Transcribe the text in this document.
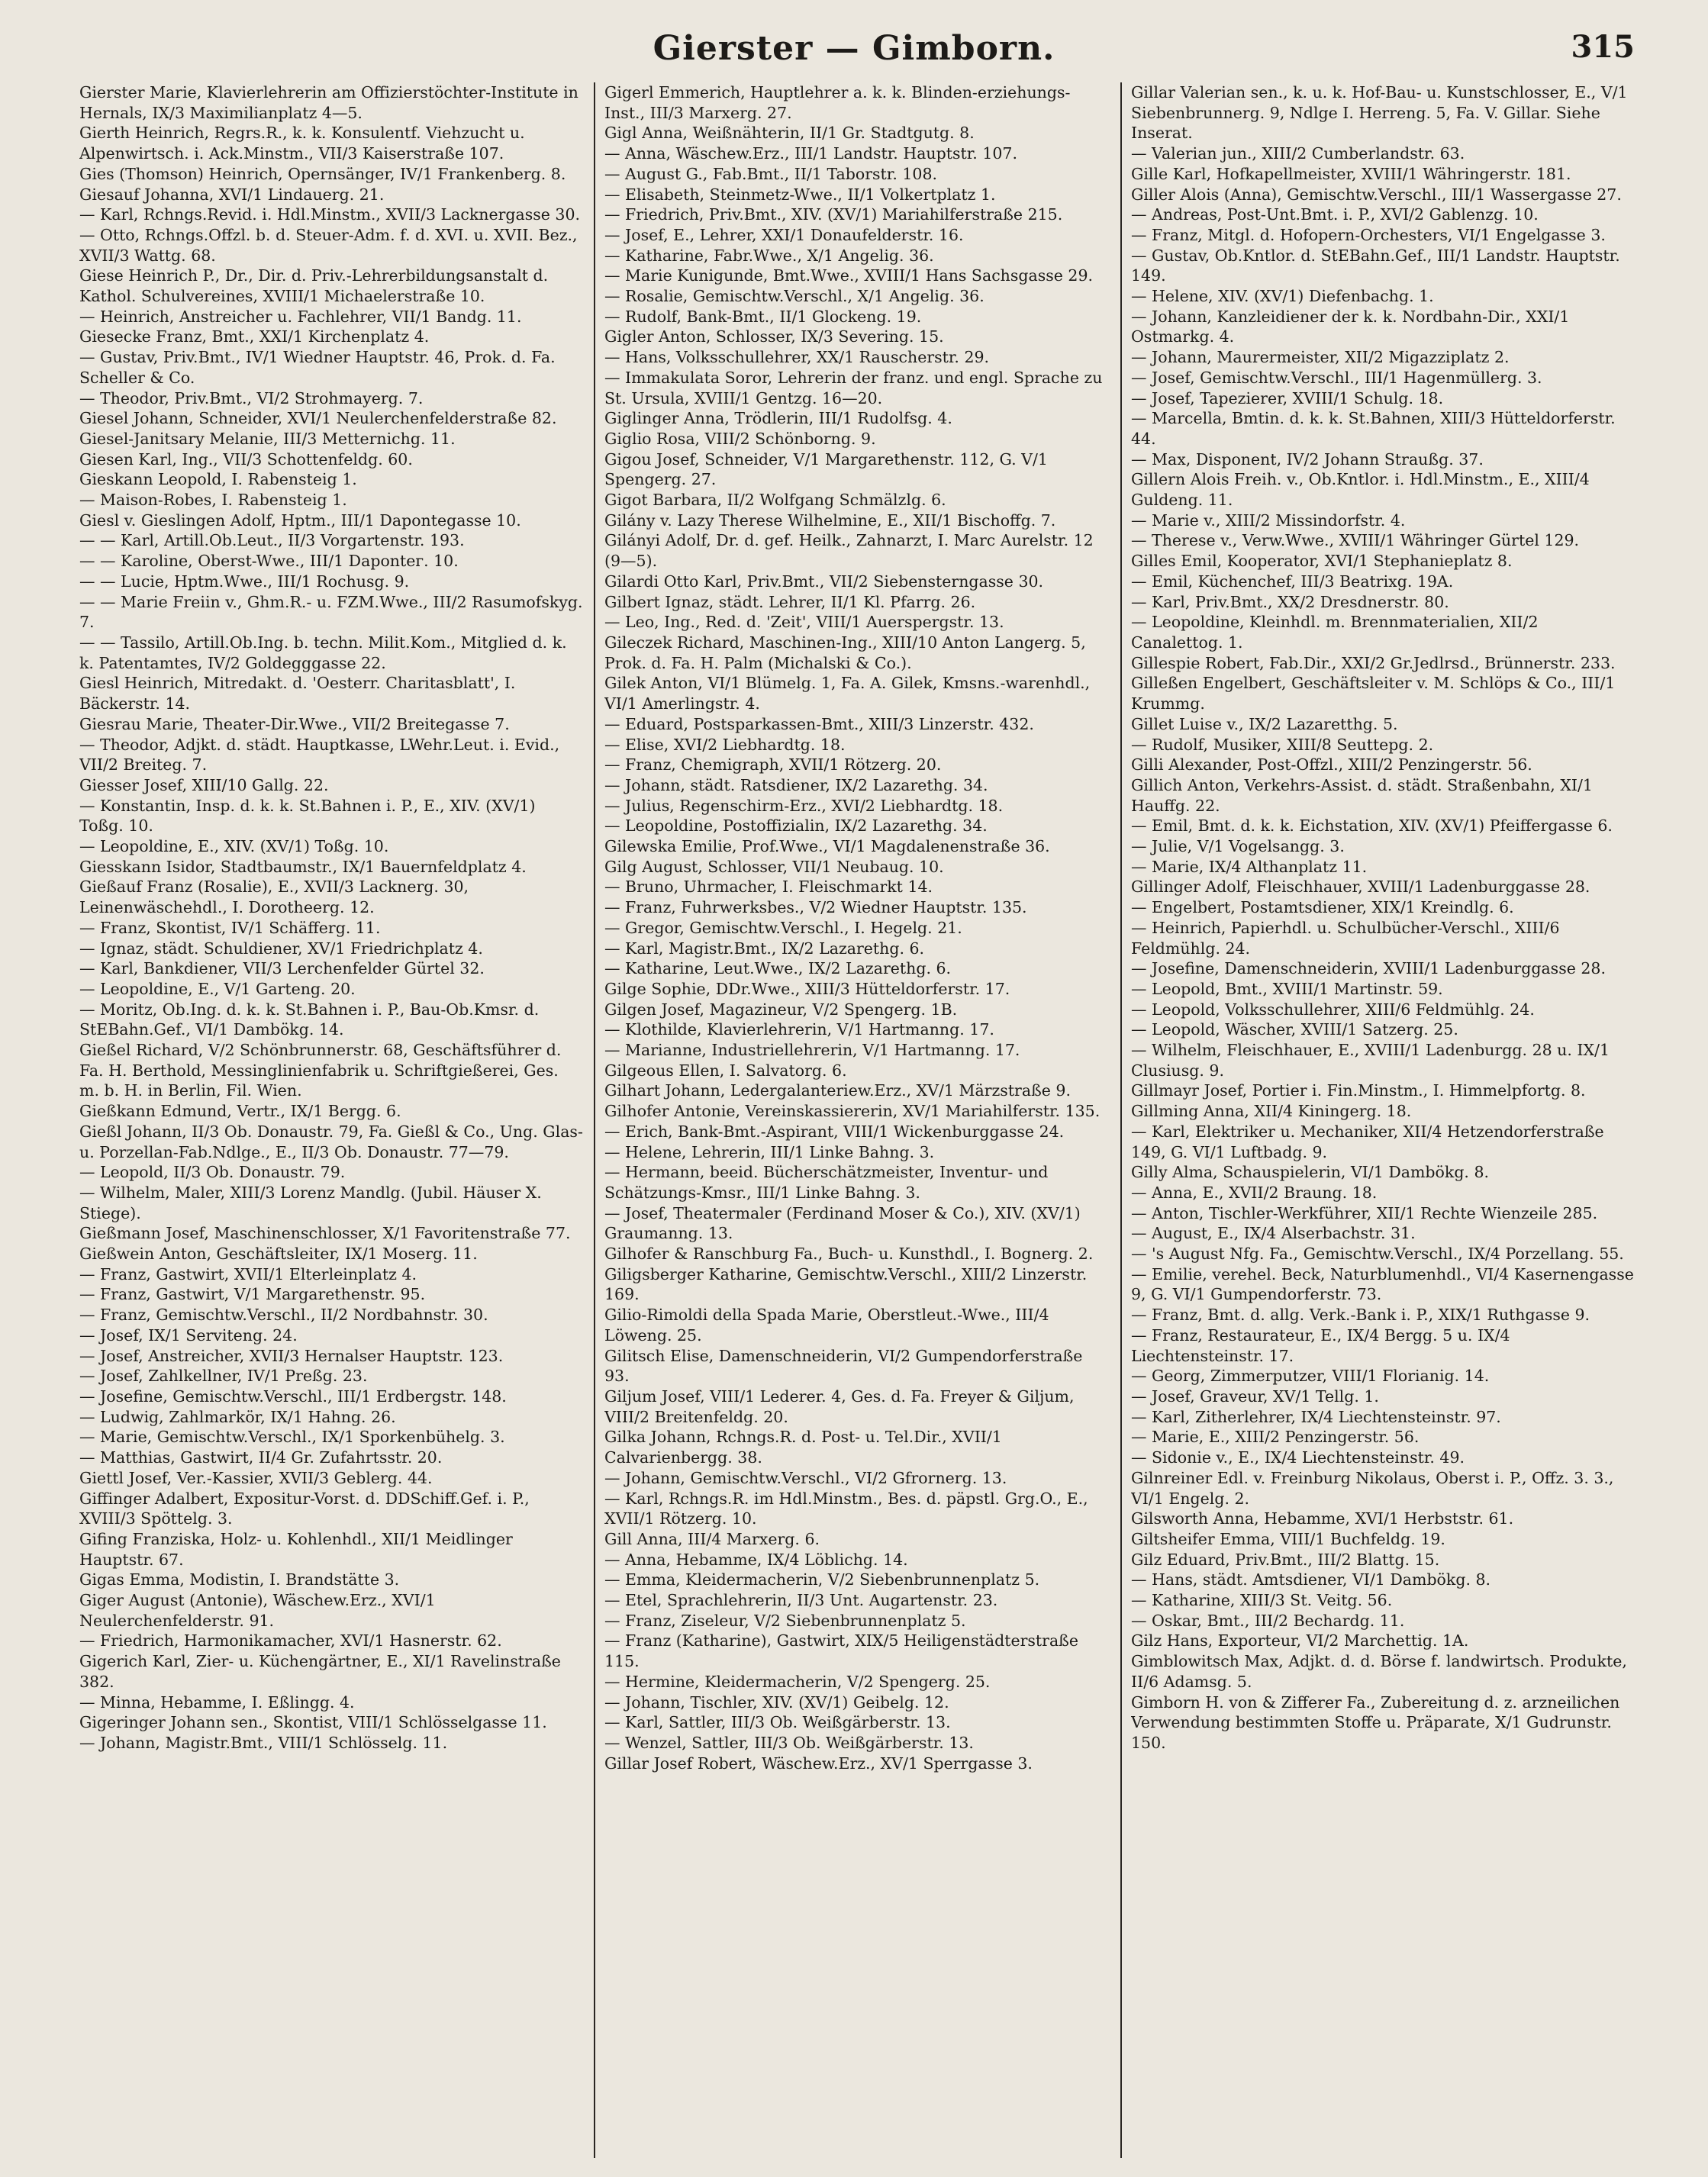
Gierster — Gimborn.	315
Gierster Marie, Klavierlehrerin am Offizierstöchter-Institute in Hernals, IX/3 Maximilianplatz 4—5.
Gierth Heinrich, Regrs.R., k. k. Konsulentf. Viehzucht u. Alpenwirtsch. i. Ack.Minstm., VII/3 Kaiserstraße 107.
Gies (Thomson) Heinrich, Opernsänger, IV/1 Frankenberg. 8.
Giesauf Johanna, XVI/1 Lindauerg. 21.
— Karl, Rchngs.Revid. i. Hdl.Minstm., XVII/3 Lacknergasse 30.
— Otto, Rchngs.Offzl. b. d. Steuer-Adm. f. d. XVI. u. XVII. Bez., XVII/3 Wattg. 68.
Giese Heinrich P., Dr., Dir. d. Priv.-Lehrerbildungsanstalt d. Kathol. Schulvereines, XVIII/1 Michaelerstraße 10.
— Heinrich, Anstreicher u. Fachlehrer, VII/1 Bandg. 11.
Giesecke Franz, Bmt., XXI/1 Kirchenplatz 4.
— Gustav, Priv.Bmt., IV/1 Wiedner Hauptstr. 46, Prok. d. Fa. Scheller & Co.
— Theodor, Priv.Bmt., VI/2 Strohmayerg. 7.
Giesel Johann, Schneider, XVI/1 Neulerchenfelderstraße 82.
Giesel-Janitsary Melanie, III/3 Metternichg. 11.
Giesen Karl, Ing., VII/3 Schottenfeldg. 60.
Gieskann Leopold, I. Rabensteig 1.
— Maison-Robes, I. Rabensteig 1.
Giesl v. Gieslingen Adolf, Hptm., III/1 Dapontegasse 10.
— — Karl, Artill.Ob.Leut., II/3 Vorgartenstr. 193.
— — Karoline, Oberst-Wwe., III/1 Dapontег. 10.
— — Lucie, Hptm.Wwe., III/1 Rochusg. 9.
— — Marie Freiin v., Ghm.R.- u. FZM.Wwe., III/2 Rasumofskyg. 7.
— — Tassilo, Artill.Ob.Ing. b. techn. Milit.Kom., Mitglied d. k. k. Patentamtes, IV/2 Goldegggasse 22.
Giesl Heinrich, Mitredakt. d. 'Oesterr. Charitasblatt', I. Bäckerstr. 14.
Giesrau Marie, Theater-Dir.Wwe., VII/2 Breitegasse 7.
— Theodor, Adjkt. d. städt. Hauptkasse, LWehr.Leut. i. Evid., VII/2 Breiteg. 7.
Giesser Josef, XIII/10 Gallg. 22.
— Konstantin, Insp. d. k. k. St.Bahnen i. P., E., XIV. (XV/1) Toßg. 10.
— Leopoldine, E., XIV. (XV/1) Toßg. 10.
Giesskann Isidor, Stadtbaumstr., IX/1 Bauernfeldplatz 4.
Gießauf Franz (Rosalie), E., XVII/3 Lacknerg. 30, Leinenwäschehdl., I. Dorotheerg. 12.
— Franz, Skontist, IV/1 Schäfferg. 11.
— Ignaz, städt. Schuldiener, XV/1 Friedrichplatz 4.
— Karl, Bankdiener, VII/3 Lerchenfelder Gürtel 32.
— Leopoldine, E., V/1 Garteng. 20.
— Moritz, Ob.Ing. d. k. k. St.Bahnen i. P., Bau-Ob.Kmsr. d. StEBahn.Gef., VI/1 Dambökg. 14.
Gießel Richard, V/2 Schönbrunnerstr. 68, Geschäftsführer d. Fa. H. Berthold, Messinglinienfabrik u. Schriftgießerei, Ges. m. b. H. in Berlin, Fil. Wien.
Gießkann Edmund, Vertr., IX/1 Bergg. 6.
Gießl Johann, II/3 Ob. Donaustr. 79, Fa. Gießl & Co., Ung. Glas- u. Porzellan-Fab.Ndlge., E., II/3 Ob. Donaustr. 77—79.
— Leopold, II/3 Ob. Donaustr. 79.
— Wilhelm, Maler, XIII/3 Lorenz Mandlg. (Jubil. Häuser X. Stiege).
Gießmann Josef, Maschinenschlosser, X/1 Favoritenstraße 77.
Gießwein Anton, Geschäftsleiter, IX/1 Moserg. 11.
— Franz, Gastwirt, XVII/1 Elterleinplatz 4.
— Franz, Gastwirt, V/1 Margarethenstr. 95.
— Franz, Gemischtw.Verschl., II/2 Nordbahnstr. 30.
— Josef, IX/1 Serviteng. 24.
— Josef, Anstreicher, XVII/3 Hernalser Hauptstr. 123.
— Josef, Zahlkellner, IV/1 Preßg. 23.
— Josefine, Gemischtw.Verschl., III/1 Erdbergstr. 148.
— Ludwig, Zahlmarkör, IX/1 Hahng. 26.
— Marie, Gemischtw.Verschl., IX/1 Sporkenbühelg. 3.
— Matthias, Gastwirt, II/4 Gr. Zufahrtsstr. 20.
Giettl Josef, Ver.-Kassier, XVII/3 Geblerg. 44.
Giffinger Adalbert, Expositur-Vorst. d. DDSchiff.Gef. i. P., XVIII/3 Spöttelg. 3.
Gifing Franziska, Holz- u. Kohlenhdl., XII/1 Meidlinger Hauptstr. 67.
Gigas Emma, Modistin, I. Brandstätte 3.
Giger August (Antonie), Wäschew.Erz., XVI/1 Neulerchenfelderstr. 91.
— Friedrich, Harmonikamacher, XVI/1 Hasnerstr. 62.
Gigerich Karl, Zier- u. Küchengärtner, E., XI/1 Ravelinstraße 382.
— Minna, Hebamme, I. Eßlingg. 4.
Gigeringer Johann sen., Skontist, VIII/1 Schlösselgasse 11.
— Johann, Magistr.Bmt., VIII/1 Schlösselg. 11.
Gigerl Emmerich, Hauptlehrer a. k. k. Blinden-erziehungs-Inst., III/3 Marxerg. 27.
Gigl Anna, Weißnähterin, II/1 Gr. Stadtgutg. 8.
— Anna, Wäschew.Erz., III/1 Landstr. Hauptstr. 107.
— August G., Fab.Bmt., II/1 Taborstr. 108.
— Elisabeth, Steinmetz-Wwe., II/1 Volkertplatz 1.
— Friedrich, Priv.Bmt., XIV. (XV/1) Mariahilferstraße 215.
— Josef, E., Lehrer, XXI/1 Donaufelderstr. 16.
— Katharine, Fabr.Wwe., X/1 Angelig. 36.
— Marie Kunigunde, Bmt.Wwe., XVIII/1 Hans Sachsgasse 29.
— Rosalie, Gemischtw.Verschl., X/1 Angelig. 36.
— Rudolf, Bank-Bmt., II/1 Glockeng. 19.
Gigler Anton, Schlosser, IX/3 Severing. 15.
— Hans, Volksschullehrer, XX/1 Rauscherstr. 29.
— Immakulata Soror, Lehrerin der franz. und engl. Sprache zu St. Ursula, XVIII/1 Gentzg. 16—20.
Giglinger Anna, Trödlerin, III/1 Rudolfsg. 4.
Giglio Rosa, VIII/2 Schönborng. 9.
Gigou Josef, Schneider, V/1 Margarethenstr. 112, G. V/1 Spengerg. 27.
Gigot Barbara, II/2 Wolfgang Schmälzlg. 6.
Gilány v. Lazy Therese Wilhelmine, E., XII/1 Bischoffg. 7.
Gilányi Adolf, Dr. d. gef. Heilk., Zahnarzt, I. Marc Aurelstr. 12 (9—5).
Gilardi Otto Karl, Priv.Bmt., VII/2 Siebensterngasse 30.
Gilbert Ignaz, städt. Lehrer, II/1 Kl. Pfarrg. 26.
— Leo, Ing., Red. d. 'Zeit', VIII/1 Auerspergstr. 13.
Gileczek Richard, Maschinen-Ing., XIII/10 Anton Langerg. 5, Prok. d. Fa. H. Palm (Michalski & Co.).
Gilek Anton, VI/1 Blümelg. 1, Fa. A. Gilek, Kmsns.-warenhdl., VI/1 Amerlingstr. 4.
— Eduard, Postsparkassen-Bmt., XIII/3 Linzerstr. 432.
— Elise, XVI/2 Liebhardtg. 18.
— Franz, Chemigraph, XVII/1 Rötzerg. 20.
— Johann, städt. Ratsdiener, IX/2 Lazarethg. 34.
— Julius, Regenschirm-Erz., XVI/2 Liebhardtg. 18.
— Leopoldine, Postoffizialin, IX/2 Lazarethg. 34.
Gilewska Emilie, Prof.Wwe., VI/1 Magdalenenstraße 36.
Gilg August, Schlosser, VII/1 Neubaug. 10.
— Bruno, Uhrmacher, I. Fleischmarkt 14.
— Franz, Fuhrwerksbes., V/2 Wiedner Hauptstr. 135.
— Gregor, Gemischtw.Verschl., I. Hegelg. 21.
— Karl, Magistr.Bmt., IX/2 Lazarethg. 6.
— Katharine, Leut.Wwe., IX/2 Lazarethg. 6.
Gilge Sophie, DDr.Wwe., XIII/3 Hütteldorferstr. 17.
Gilgen Josef, Magazineur, V/2 Spengerg. 1B.
— Klothilde, Klavierlehrerin, V/1 Hartmanng. 17.
— Marianne, Industriellehrerin, V/1 Hartmanng. 17.
Gilgeous Ellen, I. Salvatorg. 6.
Gilhart Johann, Ledergalanteriew.Erz., XV/1 Märzstraße 9.
Gilhofer Antonie, Vereinskassiererin, XV/1 Mariahilferstr. 135.
— Erich, Bank-Bmt.-Aspirant, VIII/1 Wickenburggasse 24.
— Helene, Lehrerin, III/1 Linke Bahng. 3.
— Hermann, beeid. Bücherschätzmeister, Inventur- und Schätzungs-Kmsr., III/1 Linke Bahng. 3.
— Josef, Theatermaler (Ferdinand Moser & Co.), XIV. (XV/1) Graumanng. 13.
Gilhofer & Ranschburg Fa., Buch- u. Kunsthdl., I. Bognerg. 2.
Giligsberger Katharine, Gemischtw.Verschl., XIII/2 Linzerstr. 169.
Gilio-Rimoldi della Spada Marie, Oberstleut.-Wwe., III/4 Löweng. 25.
Gilitsch Elise, Damenschneiderin, VI/2 Gumpendorferstraße 93.
Giljum Josef, VIII/1 Lederer. 4, Ges. d. Fa. Freyer & Giljum, VIII/2 Breitenfeldg. 20.
Gilka Johann, Rchngs.R. d. Post- u. Tel.Dir., XVII/1 Calvarienbergg. 38.
— Johann, Gemischtw.Verschl., VI/2 Gfrornerg. 13.
— Karl, Rchngs.R. im Hdl.Minstm., Bes. d. päpstl. Grg.O., E., XVII/1 Rötzerg. 10.
Gill Anna, III/4 Marxerg. 6.
— Anna, Hebamme, IX/4 Löblichg. 14.
— Emma, Kleidermacherin, V/2 Siebenbrunnenplatz 5.
— Etel, Sprachlehrerin, II/3 Unt. Augartenstr. 23.
— Franz, Ziseleur, V/2 Siebenbrunnenplatz 5.
— Franz (Katharine), Gastwirt, XIX/5 Heiligenstädterstraße 115.
— Hermine, Kleidermacherin, V/2 Spengerg. 25.
— Johann, Tischler, XIV. (XV/1) Geibelg. 12.
— Karl, Sattler, III/3 Ob. Weißgärberstr. 13.
— Wenzel, Sattler, III/3 Ob. Weißgärberstr. 13.
Gillar Josef Robert, Wäschew.Erz., XV/1 Sperrgasse 3.
Gillar Valerian sen., k. u. k. Hof-Bau- u. Kunstschlosser, E., V/1 Siebenbrunnerg. 9, Ndlge I. Herreng. 5, Fa. V. Gillar. Siehe Inserat.
— Valerian jun., XIII/2 Cumberlandstr. 63.
Gille Karl, Hofkapellmeister, XVIII/1 Währingerstr. 181.
Giller Alois (Anna), Gemischtw.Verschl., III/1 Wassergasse 27.
— Andreas, Post-Unt.Bmt. i. P., XVI/2 Gablenzg. 10.
— Franz, Mitgl. d. Hofopern-Orchesters, VI/1 Engelgasse 3.
— Gustav, Ob.Kntlor. d. StEBahn.Gef., III/1 Landstr. Hauptstr. 149.
— Helene, XIV. (XV/1) Diefenbachg. 1.
— Johann, Kanzleidiener der k. k. Nordbahn-Dir., XXI/1 Ostmarkg. 4.
— Johann, Maurermeister, XII/2 Migazziplatz 2.
— Josef, Gemischtw.Verschl., III/1 Hagenmüllerg. 3.
— Josef, Tapezierer, XVIII/1 Schulg. 18.
— Marcella, Bmtin. d. k. k. St.Bahnen, XIII/3 Hütteldorferstr. 44.
— Max, Disponent, IV/2 Johann Straußg. 37.
Gillern Alois Freih. v., Ob.Kntlor. i. Hdl.Minstm., E., XIII/4 Guldeng. 11.
— Marie v., XIII/2 Missindorfstr. 4.
— Therese v., Verw.Wwe., XVIII/1 Währinger Gürtel 129.
Gilles Emil, Kooperator, XVI/1 Stephanieplatz 8.
— Emil, Küchenchef, III/3 Beatrixg. 19A.
— Karl, Priv.Bmt., XX/2 Dresdnerstr. 80.
— Leopoldine, Kleinhdl. m. Brennmaterialien, XII/2 Canalettog. 1.
Gillespie Robert, Fab.Dir., XXI/2 Gr.Jedlrsd., Brünnerstr. 233.
Gilleßen Engelbert, Geschäftsleiter v. M. Schlöps & Co., III/1 Krummg.
Gillet Luise v., IX/2 Lazaretthg. 5.
— Rudolf, Musiker, XIII/8 Seuttерg. 2.
Gilli Alexander, Post-Offzl., XIII/2 Penzingerstr. 56.
Gillich Anton, Verkehrs-Assist. d. städt. Straßenbahn, XI/1 Hauffg. 22.
— Emil, Bmt. d. k. k. Eichstation, XIV. (XV/1) Pfeiffergasse 6.
— Julie, V/1 Vogelsangg. 3.
— Marie, IX/4 Althanplatz 11.
Gillinger Adolf, Fleischhauer, XVIII/1 Ladenburggasse 28.
— Engelbert, Postamtsdiener, XIX/1 Kreindlg. 6.
— Heinrich, Papierhdl. u. Schulbücher-Verschl., XIII/6 Feldmühlg. 24.
— Josefine, Damenschneiderin, XVIII/1 Ladenburggasse 28.
— Leopold, Bmt., XVIII/1 Martinstr. 59.
— Leopold, Volksschullehrer, XIII/6 Feldmühlg. 24.
— Leopold, Wäscher, XVIII/1 Satzerg. 25.
— Wilhelm, Fleischhauer, E., XVIII/1 Ladenburgg. 28 u. IX/1 Clusiusg. 9.
Gillmayr Josef, Portier i. Fin.Minstm., I. Himmelpfortg. 8.
Gillming Anna, XII/4 Kiningerg. 18.
— Karl, Elektriker u. Mechaniker, XII/4 Hetzendorferstraße 149, G. VI/1 Luftbadg. 9.
Gilly Alma, Schauspielerin, VI/1 Dambökg. 8.
— Anna, E., XVII/2 Braung. 18.
— Anton, Tischler-Werkführer, XII/1 Rechte Wienzeile 285.
— August, E., IX/4 Alserbachstr. 31.
— 's August Nfg. Fa., Gemischtw.Verschl., IX/4 Porzellang. 55.
— Emilie, verehel. Beck, Naturblumenhdl., VI/4 Kasernengasse 9, G. VI/1 Gumpendorferstr. 73.
— Franz, Bmt. d. allg. Verk.-Bank i. P., XIX/1 Ruthgasse 9.
— Franz, Restaurateur, E., IX/4 Bergg. 5 u. IX/4 Liechtensteinstr. 17.
— Georg, Zimmerputzer, VIII/1 Florianig. 14.
— Josef, Graveur, XV/1 Tellg. 1.
— Karl, Zitherlehrer, IX/4 Liechtensteinstr. 97.
— Marie, E., XIII/2 Penzingerstr. 56.
— Sidonie v., E., IX/4 Liechtensteinstr. 49.
Gilnreiner Edl. v. Freinburg Nikolaus, Oberst i. P., Offz. 3. 3., VI/1 Engelg. 2.
Gilsworth Anna, Hebamme, XVI/1 Herbststr. 61.
Giltsheifer Emma, VIII/1 Buchfeldg. 19.
Gilz Eduard, Priv.Bmt., III/2 Blattg. 15.
— Hans, städt. Amtsdiener, VI/1 Dambökg. 8.
— Katharine, XIII/3 St. Veitg. 56.
— Oskar, Bmt., III/2 Bechardg. 11.
Gilz Hans, Exporteur, VI/2 Marchettig. 1A.
Gimblowitsch Max, Adjkt. d. d. Börse f. landwirtsch. Produkte, II/6 Adamsg. 5.
Gimborn H. von & Zifferer Fa., Zubereitung d. z. arzneilichen Verwendung bestimmten Stoffe u. Präparate, X/1 Gudrunstr. 150.
